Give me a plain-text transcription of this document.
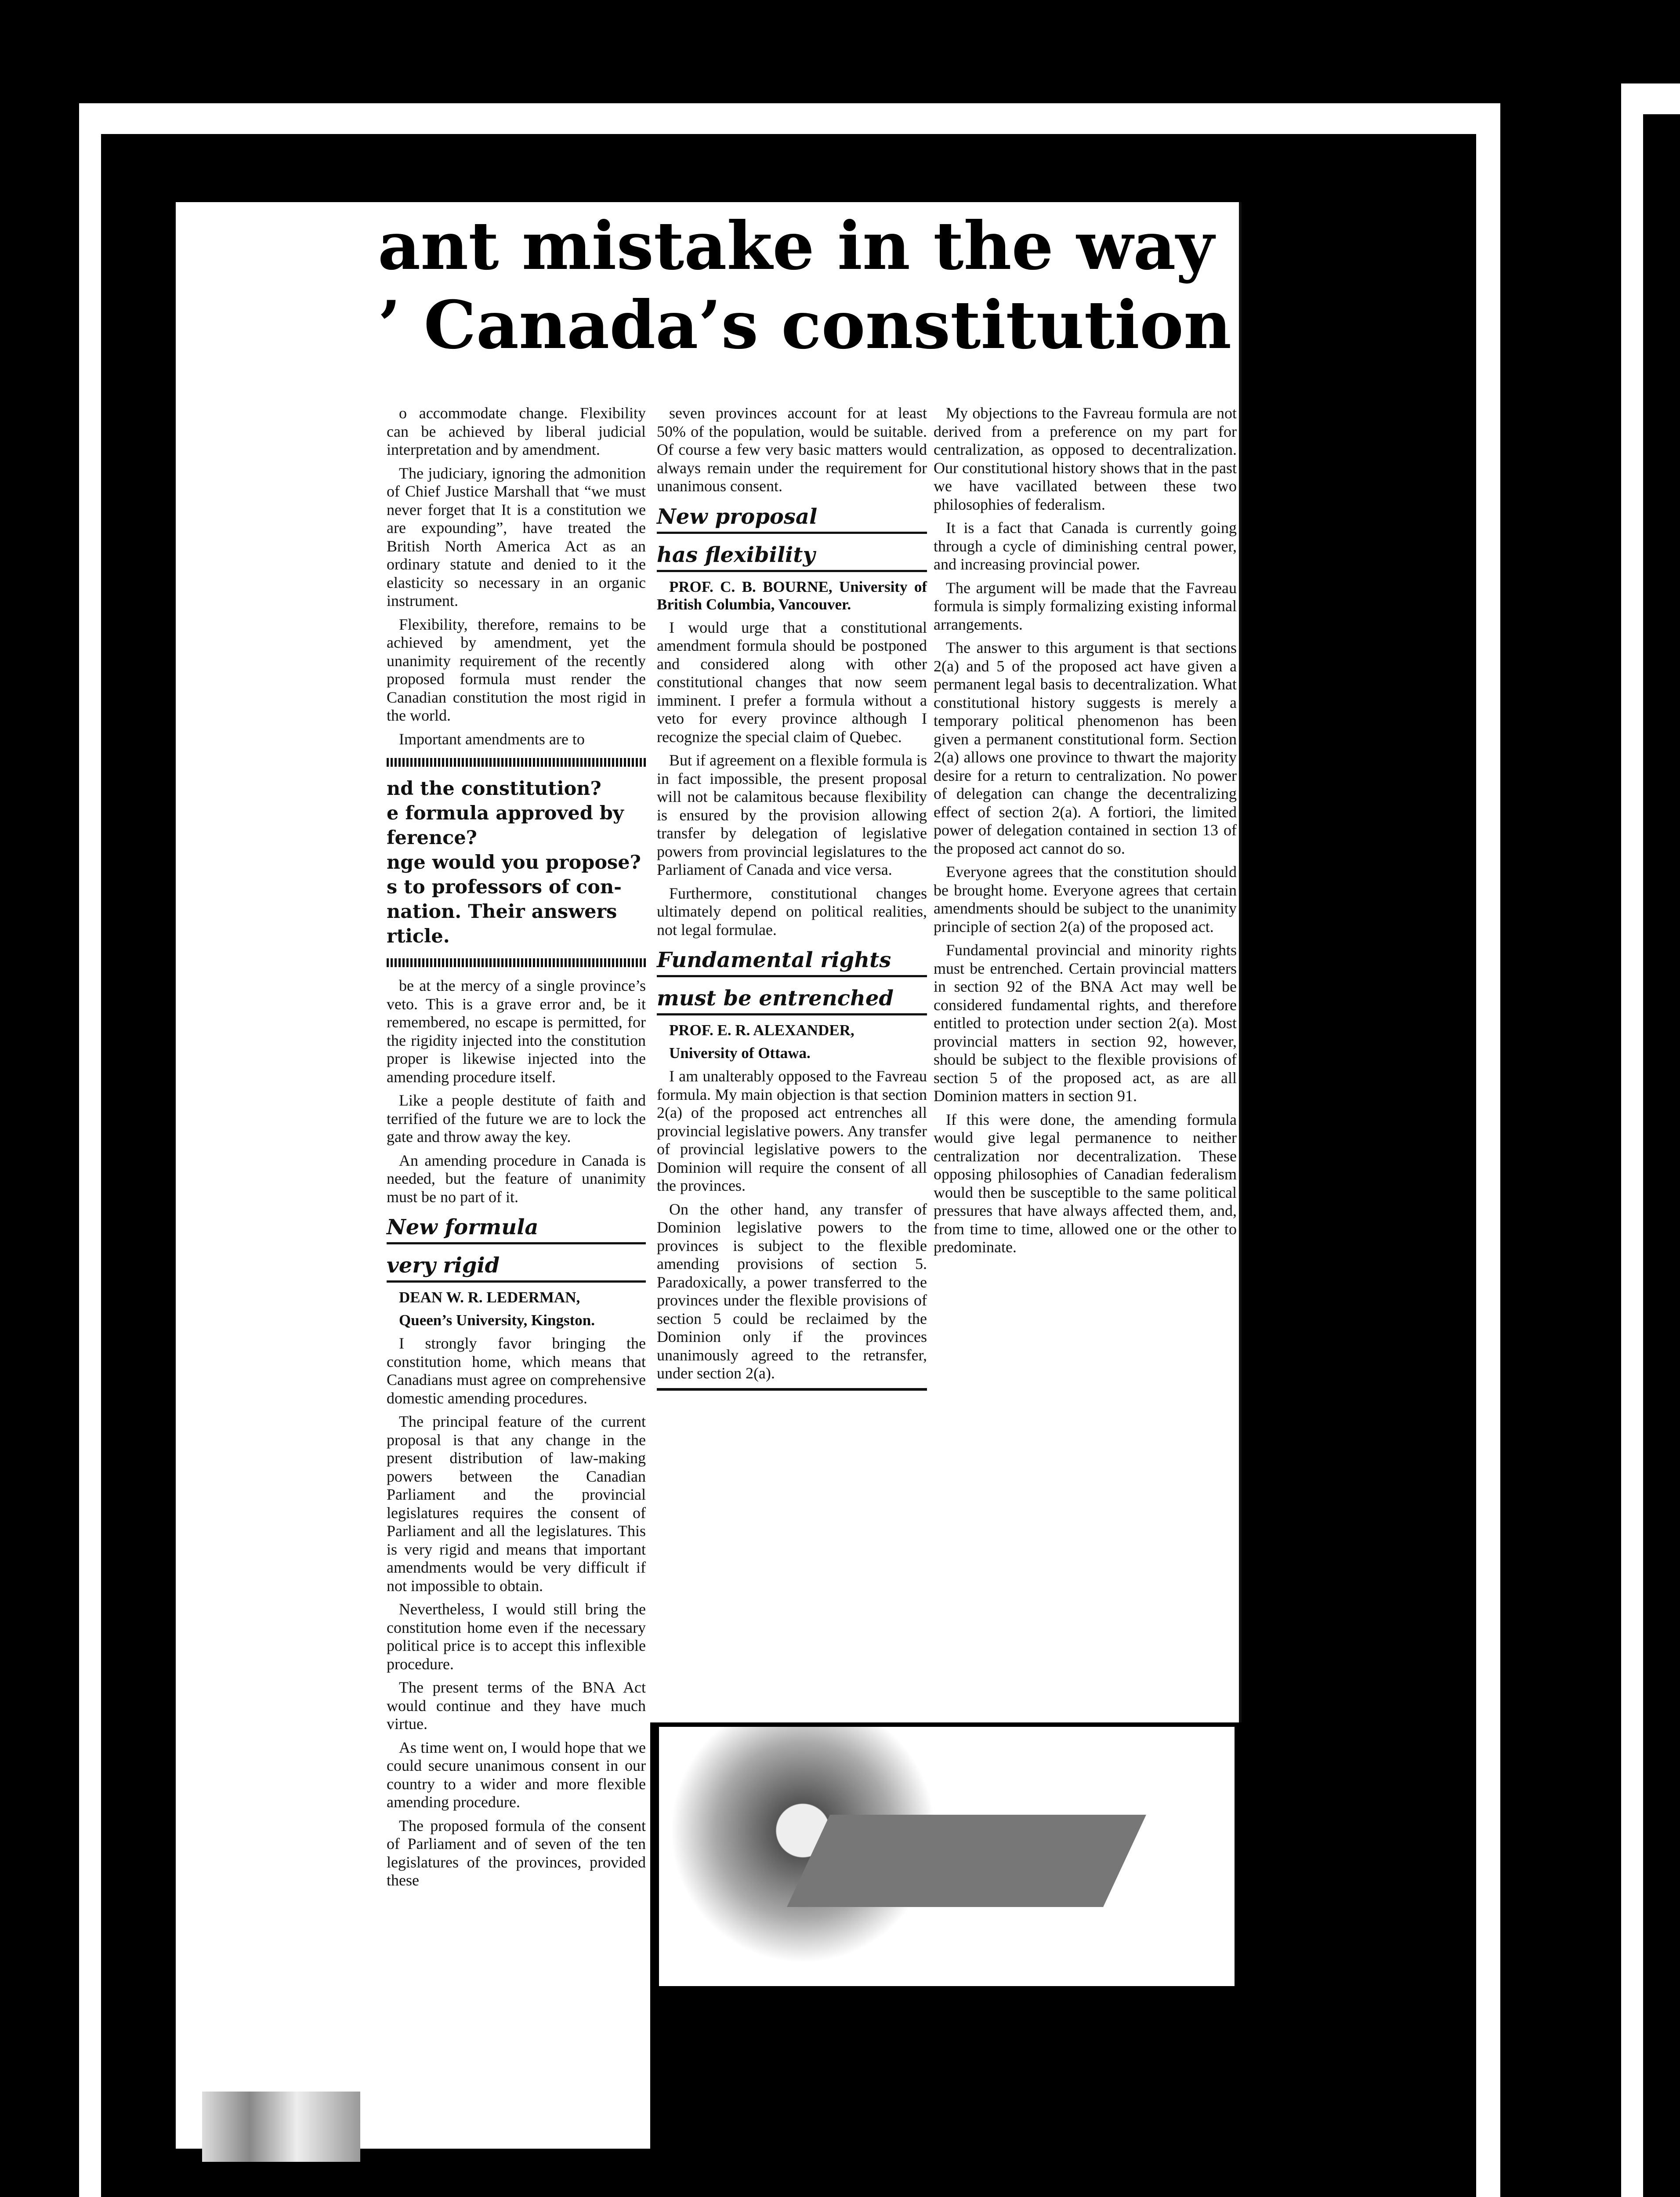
ant mistake in the way
’ Canada’s constitution

o accommodate change. Flexibility can be achieved by liberal judicial interpretation and by amendment.

The judiciary, ignoring the admonition of Chief Justice Marshall that “we must never forget that It is a constitution we are expounding”, have treated the British North America Act as an ordinary statute and denied to it the elasticity so necessary in an organic instrument.

Flexibility, therefore, remains to be achieved by amendment, yet the unanimity requirement of the recently proposed formula must render the Canadian constitution the most rigid in the world.

Important amendments are to

nd the constitution?
e formula approved by
ference?
nge would you propose?
s to professors of con-
nation. Their answers
rticle.

be at the mercy of a single province’s veto. This is a grave error and, be it remembered, no escape is permitted, for the rigidity injected into the constitution proper is likewise injected into the amending procedure itself.

Like a people destitute of faith and terrified of the future we are to lock the gate and throw away the key.

An amending procedure in Canada is needed, but the feature of unanimity must be no part of it.

New formula
very rigid

DEAN W. R. LEDERMAN,

Queen’s University, Kingston.

I strongly favor bringing the constitution home, which means that Canadians must agree on comprehensive domestic amending procedures.

The principal feature of the current proposal is that any change in the present distribution of law-making powers between the Canadian Parliament and the provincial legislatures requires the consent of Parliament and all the legislatures. This is very rigid and means that important amendments would be very difficult if not impossible to obtain.

Nevertheless, I would still bring the constitution home even if the necessary political price is to accept this inflexible procedure.

The present terms of the BNA Act would continue and they have much virtue.

As time went on, I would hope that we could secure unanimous consent in our country to a wider and more flexible amending procedure.

The proposed formula of the consent of Parliament and of seven of the ten legislatures of the provinces, provided these

seven provinces account for at least 50% of the population, would be suitable. Of course a few very basic matters would always remain under the requirement for unanimous consent.

New proposal
has flexibility

PROF. C. B. BOURNE, University of British Columbia, Vancouver.

I would urge that a constitutional amendment formula should be postponed and considered along with other constitutional changes that now seem imminent. I prefer a formula without a veto for every province although I recognize the special claim of Quebec.

But if agreement on a flexible formula is in fact impossible, the present proposal will not be calamitous because flexibility is ensured by the provision allowing transfer by delegation of legislative powers from provincial legislatures to the Parliament of Canada and vice versa.

Furthermore, constitutional changes ultimately depend on political realities, not legal formulae.

Fundamental rights
must be entrenched

PROF. E. R. ALEXANDER,

University of Ottawa.

I am unalterably opposed to the Favreau formula. My main objection is that section 2(a) of the proposed act entrenches all provincial legislative powers. Any transfer of provincial legislative powers to the Dominion will require the consent of all the provinces.

On the other hand, any transfer of Dominion legislative powers to the provinces is subject to the flexible amending provisions of section 5. Paradoxically, a power transferred to the provinces under the flexible provisions of section 5 could be reclaimed by the Dominion only if the provinces unanimously agreed to the retransfer, under section 2(a).

My objections to the Favreau formula are not derived from a preference on my part for centralization, as opposed to decentralization. Our constitutional history shows that in the past we have vacillated between these two philosophies of federalism.

It is a fact that Canada is currently going through a cycle of diminishing central power, and increasing provincial power.

The argument will be made that the Favreau formula is simply formalizing existing informal arrangements.

The answer to this argument is that sections 2(a) and 5 of the proposed act have given a permanent legal basis to decentralization. What constitutional history suggests is merely a temporary political phenomenon has been given a permanent constitutional form. Section 2(a) allows one province to thwart the majority desire for a return to centralization. No power of delegation can change the decentralizing effect of section 2(a). A fortiori, the limited power of delegation contained in section 13 of the proposed act cannot do so.

Everyone agrees that the constitution should be brought home. Everyone agrees that certain amendments should be subject to the unanimity principle of section 2(a) of the proposed act.

Fundamental provincial and minority rights must be entrenched. Certain provincial matters in section 92 of the BNA Act may well be considered fundamental rights, and therefore entitled to protection under section 2(a). Most provincial matters in section 92, however, should be subject to the flexible provisions of section 5 of the proposed act, as are all Dominion matters in section 91.

If this were done, the amending formula would give legal permanence to neither centralization nor decentralization. These opposing philosophies of Canadian federalism would then be susceptible to the same political pressures that have always affected them, and, from time to time, allowed one or the other to predominate.
